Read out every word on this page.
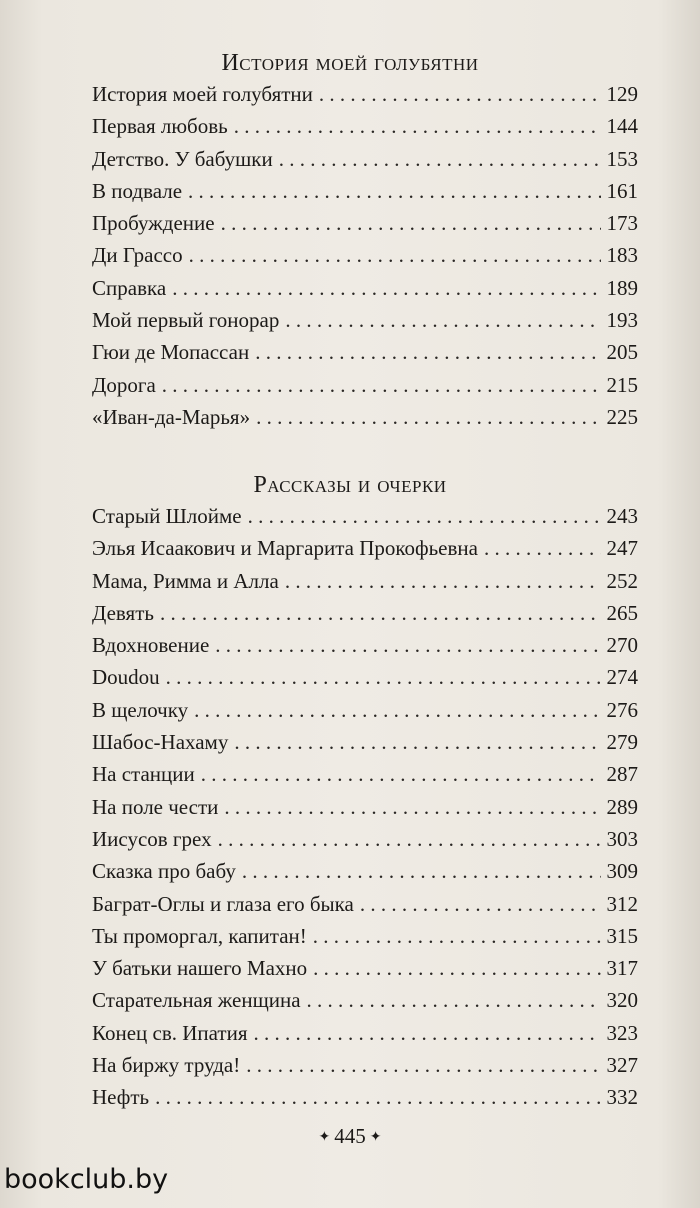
История моей голубятни
История моей голубятни . . .	129
Первая любовь . . .	144
Детство. У бабушки . . .	153
В подвале . . .	161
Пробуждение . . .	173
Ди Грассо . . .	183
Справка . . .	189
Мой первый гонорар . . .	193
Гюи де Мопассан . . .	205
Дорога . . .	215
«Иван-да-Марья» . . .	225
Рассказы и очерки
Старый Шлойме . . .	243
Элья Исаакович и Маргарита Прокофьевна . . .	247
Мама, Римма и Алла . . .	252
Девять . . .	265
Вдохновение . . .	270
Doudou . . .	274
В щелочку . . .	276
Шабос-Нахаму . . .	279
На станции . . .	287
На поле чести . . .	289
Иисусов грех . . .	303
Сказка про бабу . . .	309
Баграт-Оглы и глаза его быка . . .	312
Ты проморгал, капитан! . . .	315
У батьки нашего Махно . . .	317
Старательная женщина . . .	320
Конец св. Ипатия . . .	323
На биржу труда! . . .	327
Нефть . . .	332
✦ 445 ✦
bookclub.by
